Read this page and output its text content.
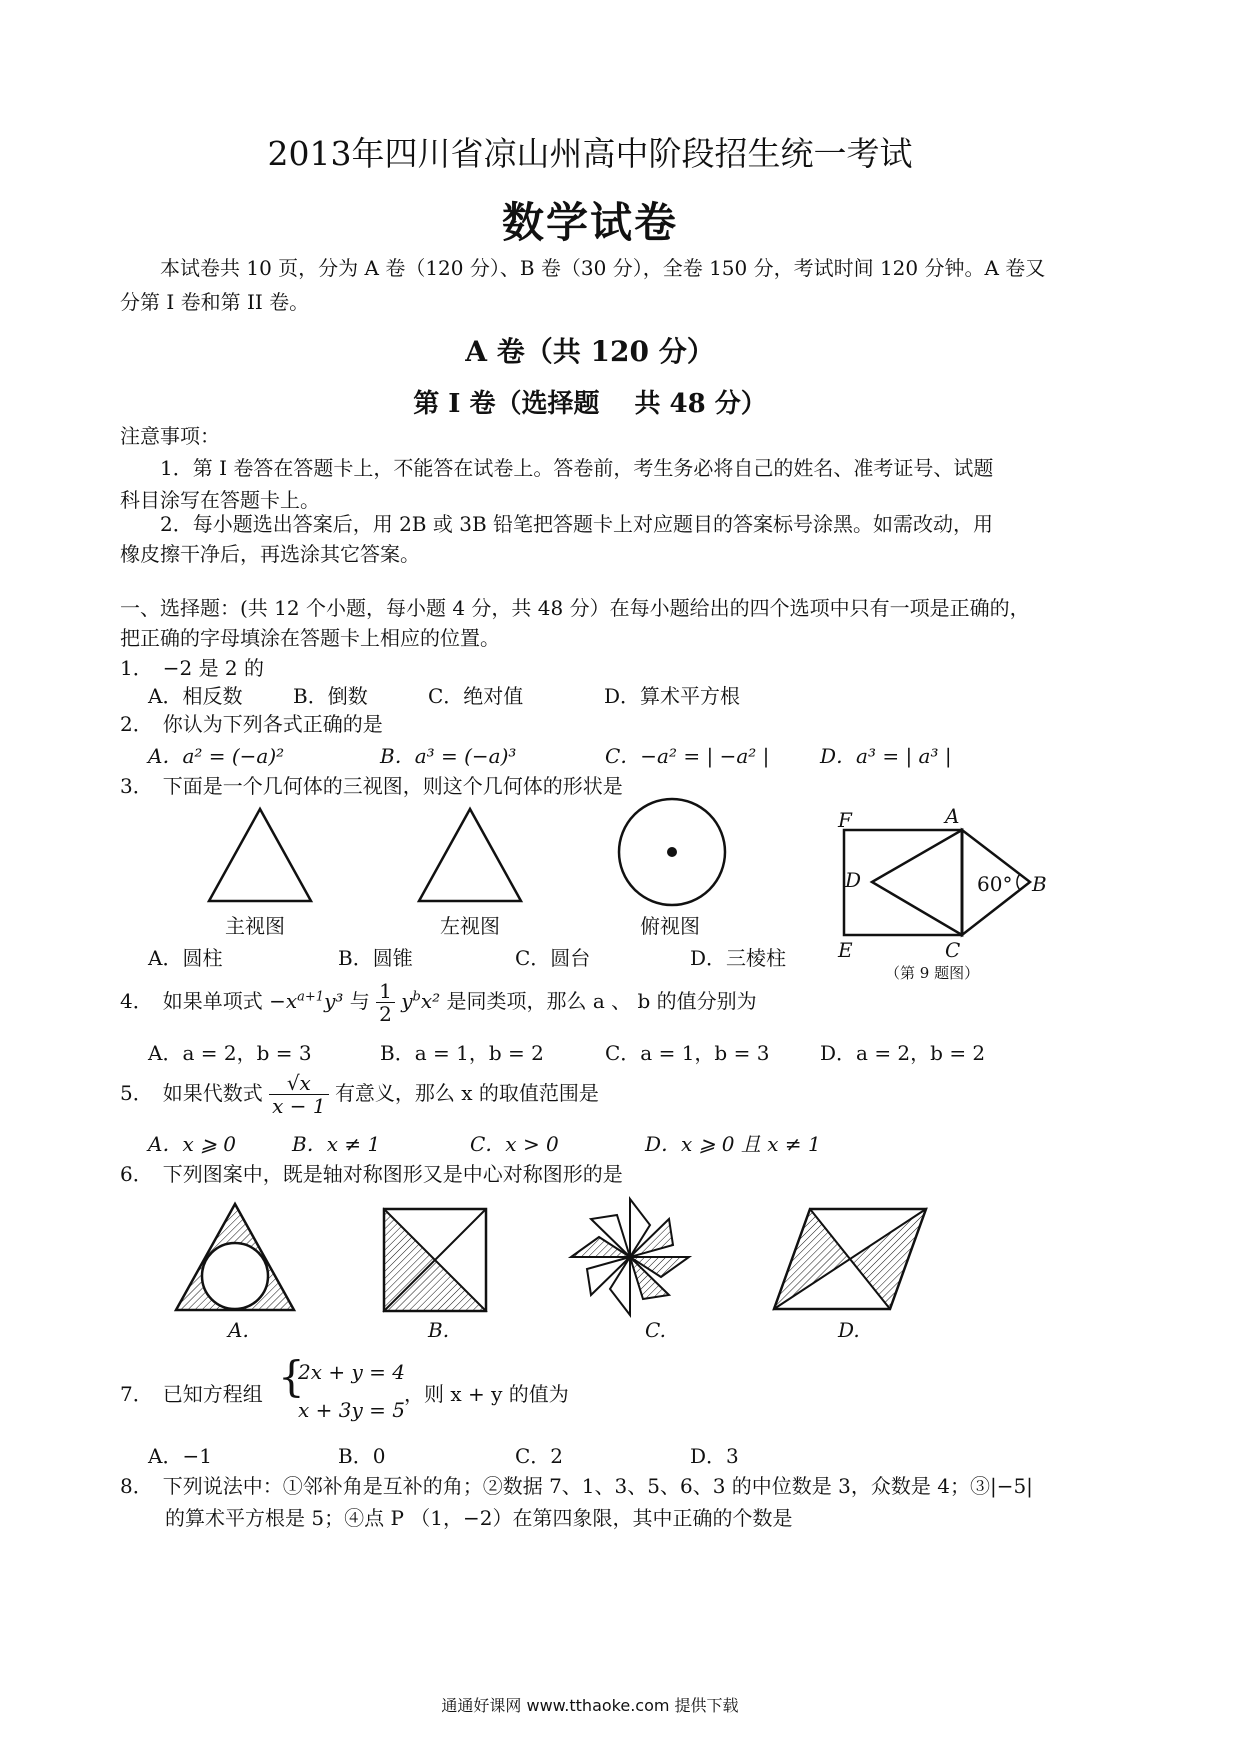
2013年四川省凉山州高中阶段招生统一考试
数学试卷
本试卷共 10 页，分为 A 卷（120 分）、B 卷（30 分），全卷 150 分，考试时间 120 分钟。A 卷又
分第 I 卷和第 II 卷。
A 卷（共 120 分）
第 I 卷（选择题　 共 48 分）
注意事项：
1．第 I 卷答在答题卡上，不能答在试卷上。答卷前，考生务必将自己的姓名、准考证号、试题
科目涂写在答题卡上。
2．每小题选出答案后，用 2B 或 3B 铅笔把答题卡上对应题目的答案标号涂黑。如需改动，用
橡皮擦干净后，再选涂其它答案。
一、选择题：(共 12 个小题，每小题 4 分，共 48 分）在每小题给出的四个选项中只有一项是正确的，
把正确的字母填涂在答题卡上相应的位置。
1．　−2 是 2 的
A．相反数	B．倒数	C．绝对值	D．算术平方根
2．　你认为下列各式正确的是
A．a² = (−a)²	B．a³ = (−a)³	C．−a² = | −a² |	D．a³ = | a³ |
3．　下面是一个几何体的三视图，则这个几何体的形状是
主视图	左视图	俯视图
A．圆柱	B．圆锥	C．圆台	D．三棱柱
F	A
D	B
E	C
60°
（第 9 题图）
4．　如果单项式 $-x^{a+1}y^3$ 与 $\frac{1}{2} y^bx^2$ 是同类项，那么 a 、 b 的值分别为
A．a = 2，b = 3	B．a = 1，b = 2	C．a = 1，b = 3	D．a = 2，b = 2
5．　如果代数式 $\frac{√x}{x - 1}$ 有意义，那么 x 的取值范围是
A．x ⩾ 0	B．x ≠ 1	C．x > 0	D．x ⩾ 0 且 x ≠ 1
6．　下列图案中，既是轴对称图形又是中心对称图形的是
A.	B.	C.	D.
7．　已知方程组 {
2x + y = 4
x + 3y = 5
，则 x + y 的值为
A．−1	B．0	C．2	D．3
8．　下列说法中：①邻补角是互补的角；②数据 7、1、3、5、6、3 的中位数是 3，众数是 4；③|−5|
的算术平方根是 5；④点 P （1，−2）在第四象限，其中正确的个数是
通通好课网 www.tthaoke.com 提供下载
